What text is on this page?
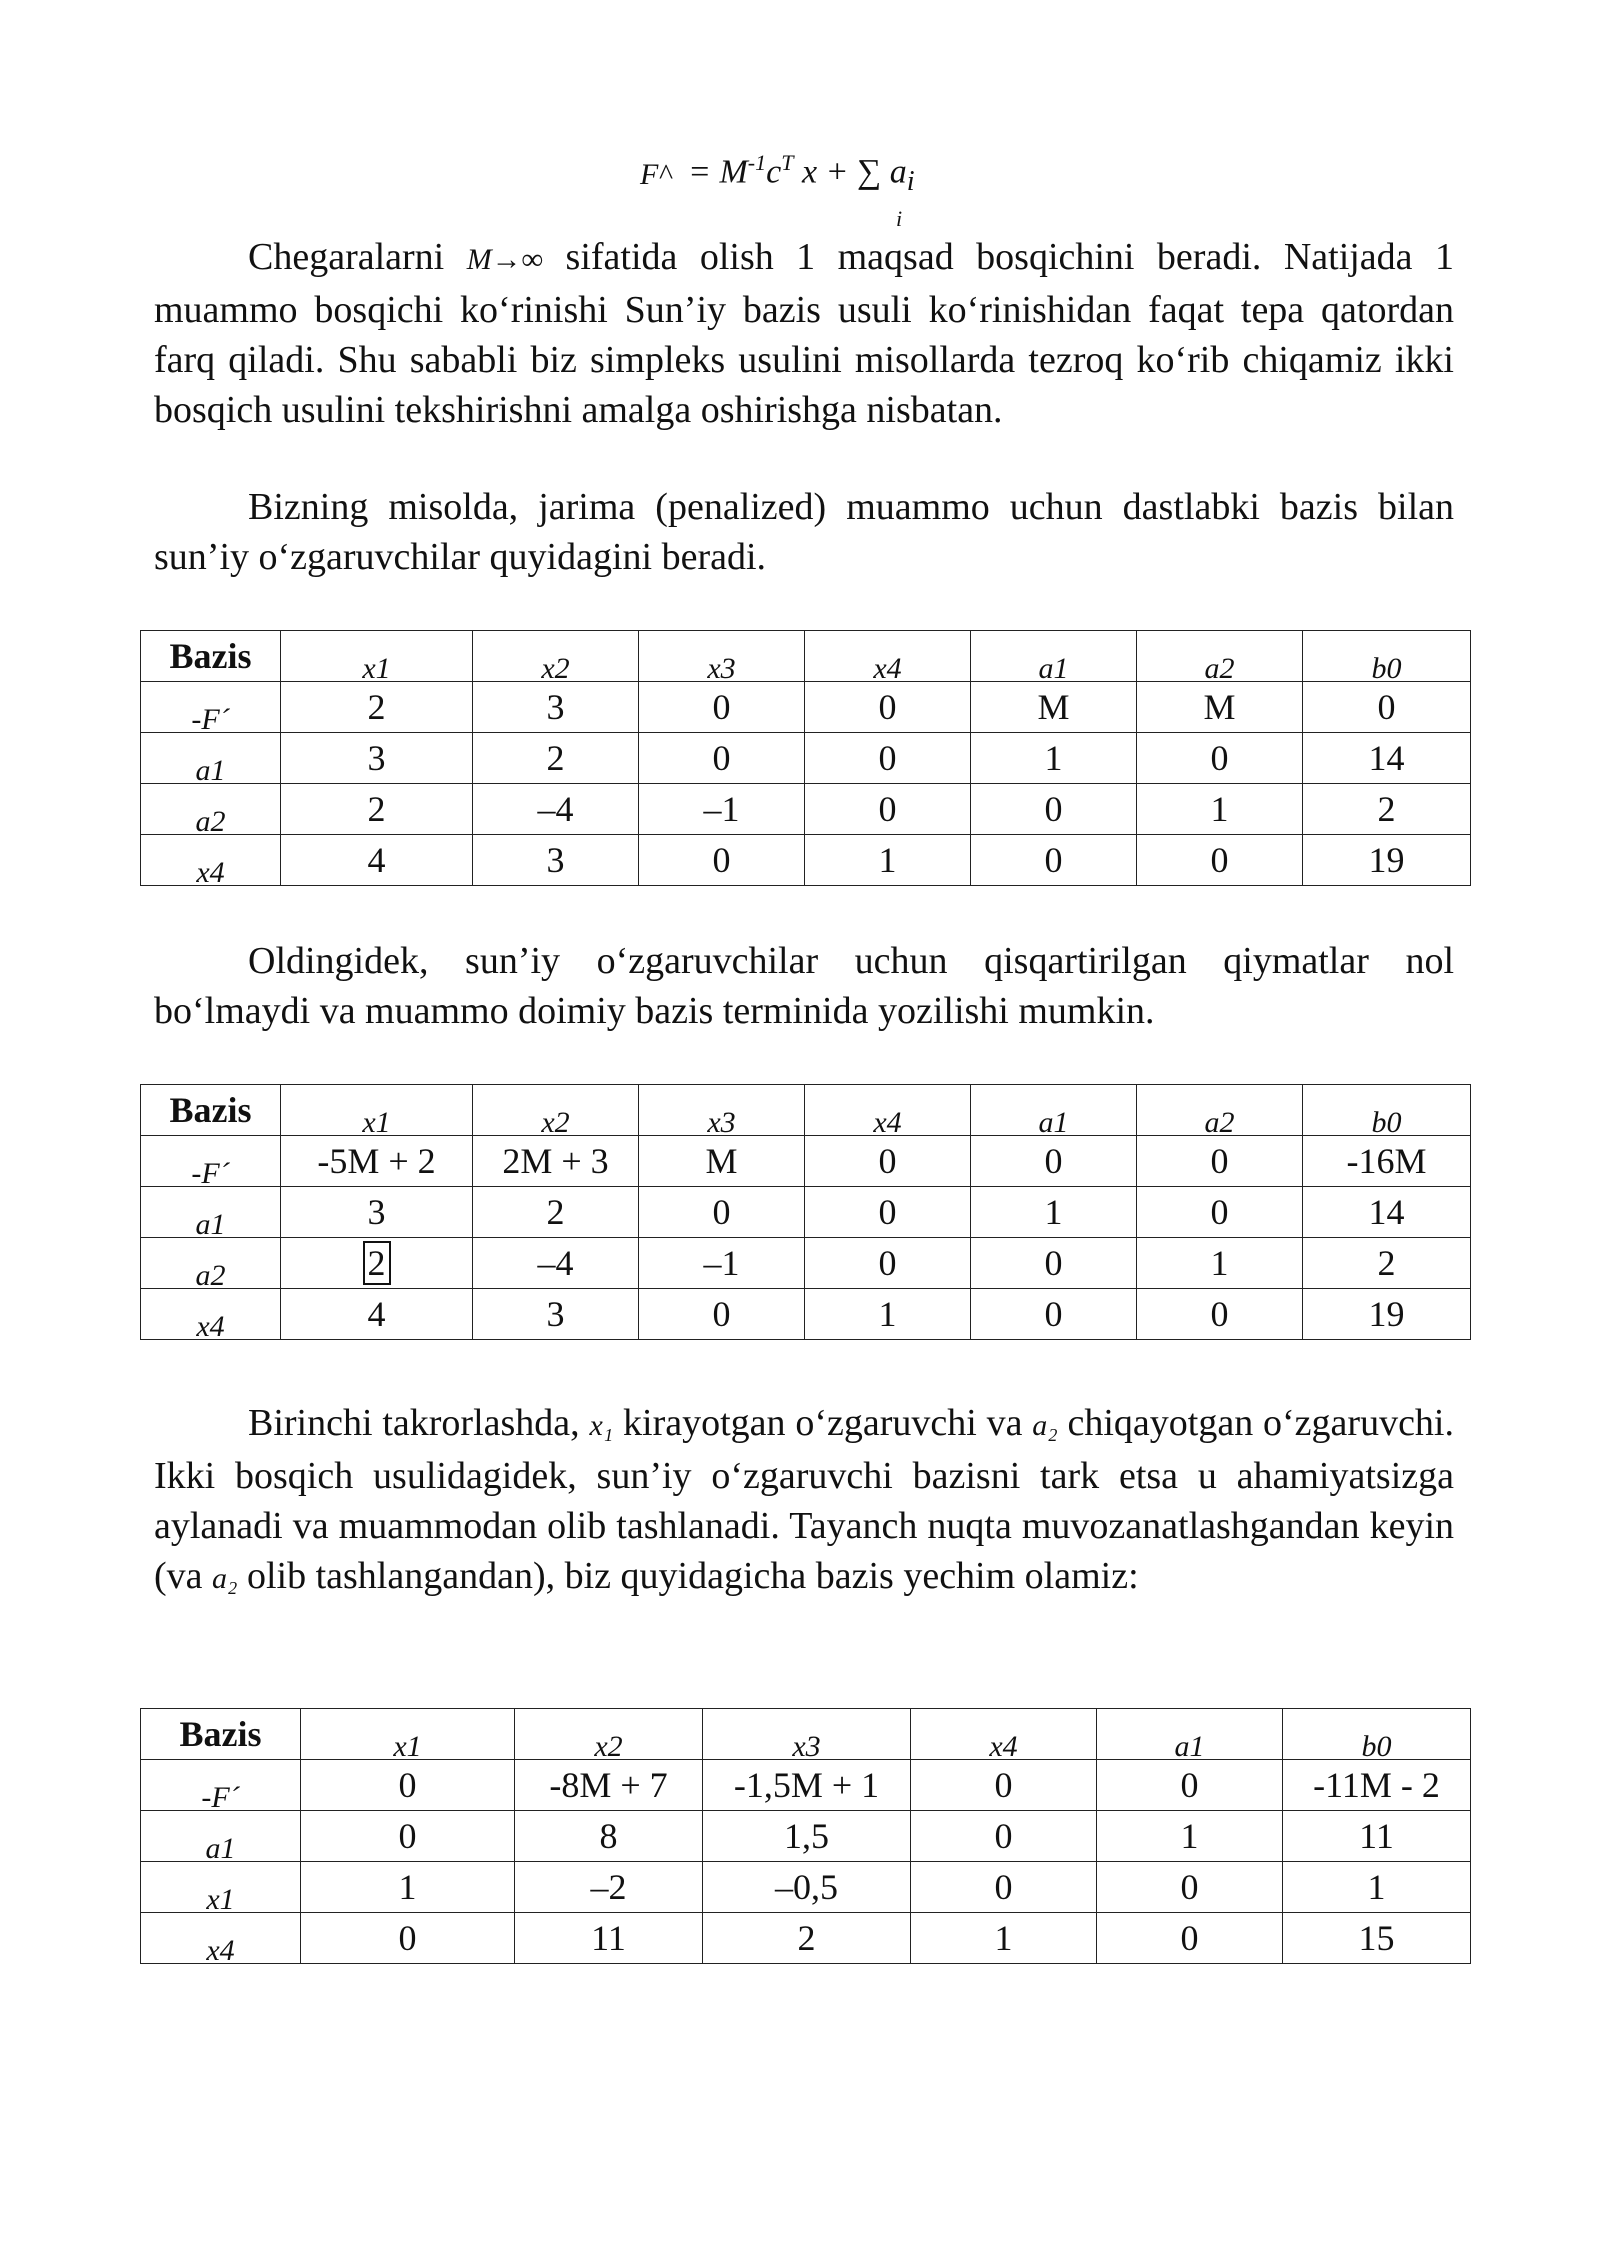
F^ = $M^{-1}c^T$ x + ∑ $a_i$
i

Chegaralarni M→∞ sifatida olish 1 maqsad bosqichini beradi. Natijada 1 muammo bosqichi ko‘rinishi Sun’iy bazis usuli ko‘rinishidan faqat tepa qatordan farq qiladi. Shu sababli biz simpleks usulini misollarda tezroq ko‘rib chiqamiz ikki bosqich usulini tekshirishni amalga oshirishga nisbatan.

Bizning misolda, jarima (penalized) muammo uchun dastlabki bazis bilan sun’iy o‘zgaruvchilar quyidagini beradi.

Bazis	$_{x1}$	$_{x2}$	$_{x3}$	$_{x4}$	$_{a1}$	$_{a2}$	$_{b0}$
$_{-F´}$	2	3	0	0	M	M	0
$_{a1}$	3	2	0	0	1	0	14
$_{a2}$	2	–4	–1	0	0	1	2
$_{x4}$	4	3	0	1	0	0	19

Oldingidek, sun’iy o‘zgaruvchilar uchun qisqartirilgan qiymatlar nol bo‘lmaydi va muammo doimiy bazis terminida yozilishi mumkin.

Bazis	$_{x1}$	$_{x2}$	$_{x3}$	$_{x4}$	$_{a1}$	$_{a2}$	$_{b0}$
$_{-F´}$	-5M + 2	2M + 3	M	0	0	0	-16M
$_{a1}$	3	2	0	0	1	0	14
$_{a2}$	2	–4	–1	0	0	1	2
$_{x4}$	4	3	0	1	0	0	19

Birinchi takrorlashda, x₁ kirayotgan o‘zgaruvchi va a₂ chiqayotgan o‘zgaruvchi. Ikki bosqich usulidagidek, sun’iy o‘zgaruvchi bazisni tark etsa u ahamiyatsizga aylanadi va muammodan olib tashlanadi. Tayanch nuqta muvozanatlashgandan keyin (va a₂ olib tashlangandan), biz quyidagicha bazis yechim olamiz:

Bazis	$_{x1}$	$_{x2}$	$_{x3}$	$_{x4}$	$_{a1}$	$_{b0}$
$_{-F´}$	0	-8M + 7	-1,5M + 1	0	0	-11M - 2
$_{a1}$	0	8	1,5	0	1	11
$_{x1}$	1	–2	–0,5	0	0	1
$_{x4}$	0	11	2	1	0	15
